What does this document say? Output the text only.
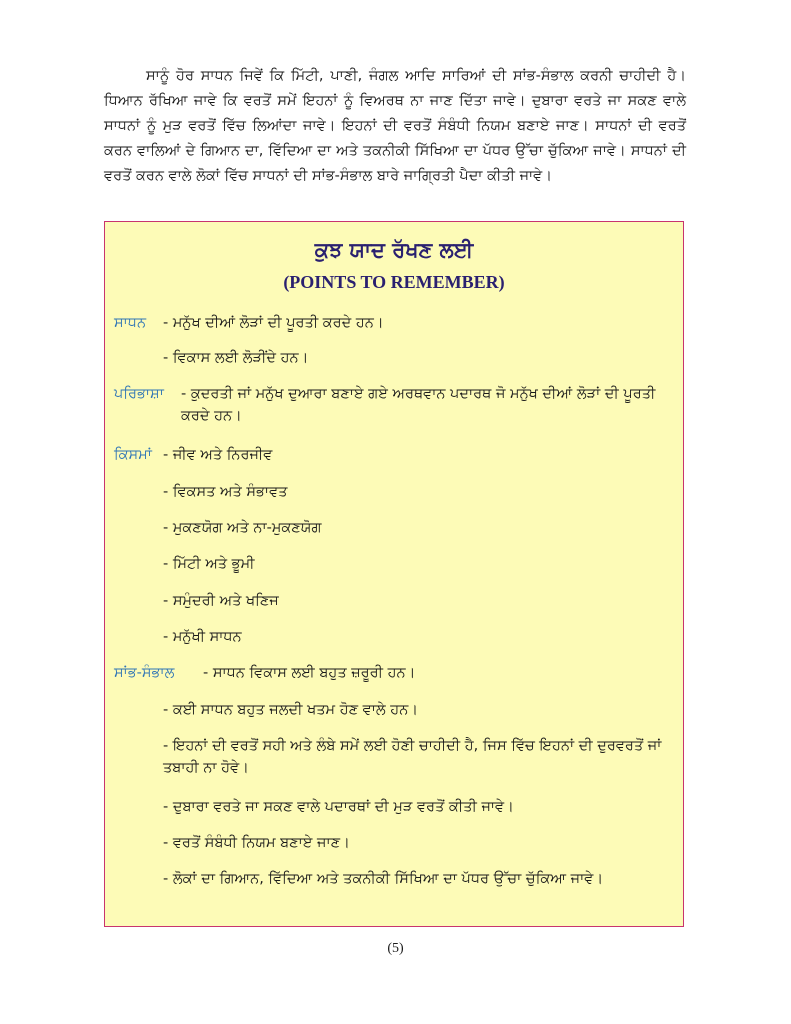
ਸਾਨੂੰ ਹੋਰ ਸਾਧਨ ਜਿਵੇਂ ਕਿ ਮਿੱਟੀ, ਪਾਣੀ, ਜੰਗਲ ਆਦਿ ਸਾਰਿਆਂ ਦੀ ਸਾਂਭ-ਸੰਭਾਲ ਕਰਨੀ ਚਾਹੀਦੀ ਹੈ। ਧਿਆਨ ਰੱਖਿਆ ਜਾਵੇ ਕਿ ਵਰਤੋਂ ਸਮੇਂ ਇਹਨਾਂ ਨੂੰ ਵਿਅਰਥ ਨਾ ਜਾਣ ਦਿੱਤਾ ਜਾਵੇ। ਦੁਬਾਰਾ ਵਰਤੇ ਜਾ ਸਕਣ ਵਾਲੇ ਸਾਧਨਾਂ ਨੂੰ ਮੁੜ ਵਰਤੋਂ ਵਿੱਚ ਲਿਆਂਦਾ ਜਾਵੇ। ਇਹਨਾਂ ਦੀ ਵਰਤੋਂ ਸੰਬੰਧੀ ਨਿਯਮ ਬਣਾਏ ਜਾਣ। ਸਾਧਨਾਂ ਦੀ ਵਰਤੋਂ ਕਰਨ ਵਾਲਿਆਂ ਦੇ ਗਿਆਨ ਦਾ, ਵਿੱਦਿਆ ਦਾ ਅਤੇ ਤਕਨੀਕੀ ਸਿੱਖਿਆ ਦਾ ਪੱਧਰ ਉੱਚਾ ਚੁੱਕਿਆ ਜਾਵੇ। ਸਾਧਨਾਂ ਦੀ ਵਰਤੋਂ ਕਰਨ ਵਾਲੇ ਲੋਕਾਂ ਵਿੱਚ ਸਾਧਨਾਂ ਦੀ ਸਾਂਭ-ਸੰਭਾਲ ਬਾਰੇ ਜਾਗ੍ਰਿਤੀ ਪੈਦਾ ਕੀਤੀ ਜਾਵੇ।
ਕੁਝ ਯਾਦ ਰੱਖਣ ਲਈ
(POINTS TO REMEMBER)
ਸਾਧਨ - ਮਨੁੱਖ ਦੀਆਂ ਲੋੜਾਂ ਦੀ ਪੂਰਤੀ ਕਰਦੇ ਹਨ।
- ਵਿਕਾਸ ਲਈ ਲੋੜੀਂਦੇ ਹਨ।
ਪਰਿਭਾਸ਼ਾ - ਕੁਦਰਤੀ ਜਾਂ ਮਨੁੱਖ ਦੁਆਰਾ ਬਣਾਏ ਗਏ ਅਰਥਵਾਨ ਪਦਾਰਥ ਜੋ ਮਨੁੱਖ ਦੀਆਂ ਲੋੜਾਂ ਦੀ ਪੂਰਤੀ ਕਰਦੇ ਹਨ।
ਕਿਸਮਾਂ - ਜੀਵ ਅਤੇ ਨਿਰਜੀਵ
- ਵਿਕਸਤ ਅਤੇ ਸੰਭਾਵਤ
- ਮੁਕਣਯੋਗ ਅਤੇ ਨਾ-ਮੁਕਣਯੋਗ
- ਮਿੱਟੀ ਅਤੇ ਭੂਮੀ
- ਸਮੁੰਦਰੀ ਅਤੇ ਖਣਿਜ
- ਮਨੁੱਖੀ ਸਾਧਨ
ਸਾਂਭ-ਸੰਭਾਲ - ਸਾਧਨ ਵਿਕਾਸ ਲਈ ਬਹੁਤ ਜ਼ਰੂਰੀ ਹਨ।
- ਕਈ ਸਾਧਨ ਬਹੁਤ ਜਲਦੀ ਖਤਮ ਹੋਣ ਵਾਲੇ ਹਨ।
- ਇਹਨਾਂ ਦੀ ਵਰਤੋਂ ਸਹੀ ਅਤੇ ਲੰਬੇ ਸਮੇਂ ਲਈ ਹੋਣੀ ਚਾਹੀਦੀ ਹੈ, ਜਿਸ ਵਿੱਚ ਇਹਨਾਂ ਦੀ ਦੁਰਵਰਤੋਂ ਜਾਂ ਤਬਾਹੀ ਨਾ ਹੋਵੇ।
- ਦੁਬਾਰਾ ਵਰਤੇ ਜਾ ਸਕਣ ਵਾਲੇ ਪਦਾਰਥਾਂ ਦੀ ਮੁੜ ਵਰਤੋਂ ਕੀਤੀ ਜਾਵੇ।
- ਵਰਤੋਂ ਸੰਬੰਧੀ ਨਿਯਮ ਬਣਾਏ ਜਾਣ।
- ਲੋਕਾਂ ਦਾ ਗਿਆਨ, ਵਿੱਦਿਆ ਅਤੇ ਤਕਨੀਕੀ ਸਿੱਖਿਆ ਦਾ ਪੱਧਰ ਉੱਚਾ ਚੁੱਕਿਆ ਜਾਵੇ।
(5)
